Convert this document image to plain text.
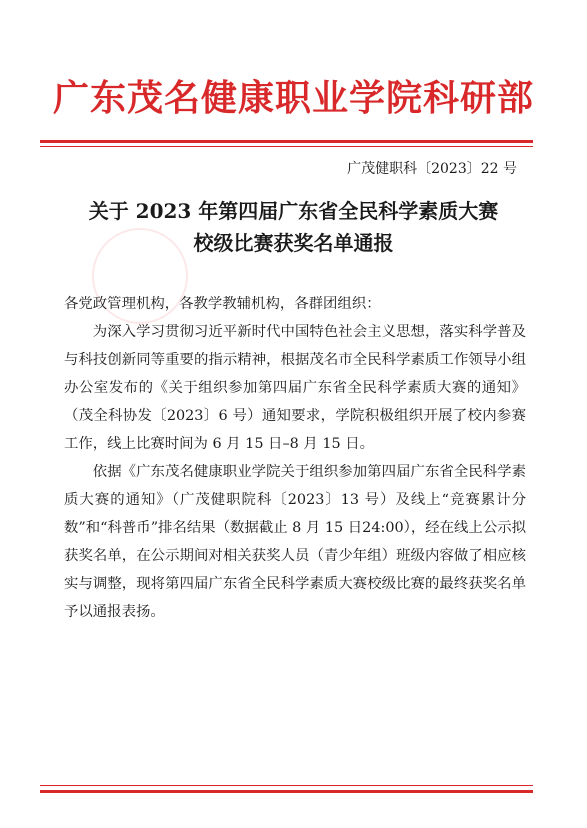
广东茂名健康职业学院科研部
广茂健职科〔2023〕22 号
关于 2023 年第四届广东省全民科学素质大赛
校级比赛获奖名单通报

各党政管理机构，各教学教辅机构，各群团组织：

为深入学习贯彻习近平新时代中国特色社会主义思想，落实科学普及与科技创新同等重要的指示精神，根据茂名市全民科学素质工作领导小组办公室发布的《关于组织参加第四届广东省全民科学素质大赛的通知》（茂全科协发〔2023〕6 号）通知要求，学院积极组织开展了校内参赛工作，线上比赛时间为 6 月 15 日–8 月 15 日。

依据《广东茂名健康职业学院关于组织参加第四届广东省全民科学素质大赛的通知》（广茂健职院科〔2023〕13 号）及线上“竞赛累计分数”和“科普币”排名结果（数据截止 8 月 15 日24:00），经在线上公示拟获奖名单，在公示期间对相关获奖人员（青少年组）班级内容做了相应核实与调整，现将第四届广东省全民科学素质大赛校级比赛的最终获奖名单予以通报表扬。
